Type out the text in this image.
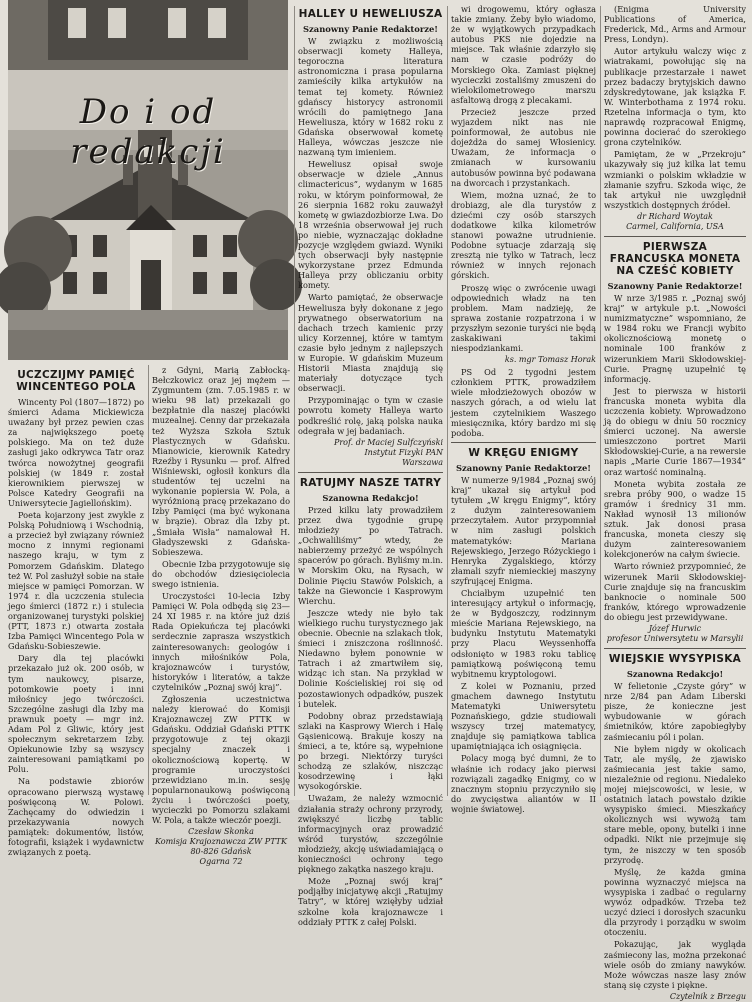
Do i od redakcji
UCZCZIJMY PAMIĘĆ WINCENTEGO POLA

Wincenty Pol (1807—1872) po śmierci Adama Mickiewicza uważany był przez pewien czas za największego poetę polskiego. Ma on też duże zasługi jako odkrywca Tatr oraz twórca nowożytnej geografii polskiej (w 1849 r. został kierownikiem pierwszej w Polsce Katedry Geografii na Uniwersytecie Jagiellońskim).

Poeta kojarzony jest zwykle z Polską Południową i Wschodnią, a przecież był związany również mocno z innymi regionami naszego kraju, w tym z Pomorzem Gdańskim. Dlatego też W. Pol zasłużył sobie na stałe miejsce w pamięci Pomorzan. W 1974 r. dla uczczenia stulecia jego śmierci (1872 r.) i stulecia organizowanej turystyki polskiej (PTT, 1873 r.) otwarta została Izba Pamięci Wincentego Pola w Gdańsku-Sobieszewie.

Dary dla tej placówki przekazało już ok. 200 osób, w tym naukowcy, pisarze, potomkowie poety i inni miłośnicy jego twórczości. Szczególne zasługi dla Izby ma prawnuk poety — mgr inż. Adam Pol z Gliwic, który jest społecznym sekretarzem Izby. Opiekunowie Izby są wszyscy zainteresowani pamiątkami po Polu.

Na podstawie zbiorów opracowano pierwszą wystawę poświęconą W. Polowi. Zachęcamy do odwiedzin i przekazywania nowych pamiątek: dokumentów, listów, fotografii, książek i wydawnictw związanych z poetą.

z Gdyni, Marią Zabłocką-Bełczkowicz oraz jej mężem — Zygmuntem (zm. 7.05.1985 r. w wieku 98 lat) przekazali go bezpłatnie dla naszej placówki muzealnej. Cenny dar przekazała też Wyższa Szkoła Sztuk Plastycznych w Gdańsku. Mianowicie, kierownik Katedry Rzeźby i Rysunku — prof. Alfred Wiśniewski, ogłosił konkurs dla studentów tej uczelni na wykonanie popiersia W. Pola, a wyróżnioną pracę przekazano do Izby Pamięci (ma być wykonana w brązie). Obraz dla Izby pt. „Śmiała Wisła” namalował H. Gładyszewski z Gdańska-Sobieszewa.

Obecnie Izba przygotowuje się do obchodów dziesięciolecia swego istnienia.

Uroczystości 10-lecia Izby Pamięci W. Pola odbędą się 23—24 XI 1985 r. na które już dziś Rada Opiekuńcza tej placówki serdecznie zaprasza wszystkich zainteresowanych: geologów i innych miłośników Pola, krajoznawców i turystów, historyków i literatów, a także czytelników „Poznaj swój kraj”.

Zgłoszenia uczestnictwa należy kierować do Komisji Krajoznawczej ZW PTTK w Gdańsku. Oddział Gdański PTTK przygotowuje z tej okazji specjalny znaczek i okolicznościową kopertę. W programie uroczystości przewidziano m.in. sesję popularnonaukową poświęconą życiu i twórczości poety, wycieczki po Pomorzu szlakami W. Pola, a także wieczór poezji.

Czesław Skonka
Komisja Krajoznawcza ZW PTTK
80-826 Gdańsk
Ogarna 72

HALLEY U HEWELIUSZA

Szanowny Panie Redaktorze!

W związku z możliwością obserwacji komety Halleya, tegoroczna literatura astronomiczna i prasa popularna zamieściły kilka artykułów na temat tej komety. Również gdańscy historycy astronomii wrócili do pamiętnego Jana Heweliusza, który w 1682 roku z Gdańska obserwował kometę Halleya, wówczas jeszcze nie nazwaną tym imieniem.

Heweliusz opisał swoje obserwacje w dziele „Annus climactericus”, wydanym w 1685 roku, w którym poinformował, że 26 sierpnia 1682 roku zauważył kometę w gwiazdozbiorze Lwa. Do 18 września obserwował jej ruch po niebie, wyznaczając dokładne pozycje względem gwiazd. Wyniki tych obserwacji były następnie wykorzystane przez Edmunda Halleya przy obliczaniu orbity komety.

Warto pamiętać, że obserwacje Heweliusza były dokonane z jego prywatnego obserwatorium na dachach trzech kamienic przy ulicy Korzennej, które w tamtym czasie było jednym z najlepszych w Europie. W gdańskim Muzeum Historii Miasta znajdują się materiały dotyczące tych obserwacji.

Przypominając o tym w czasie powrotu komety Halleya warto podkreślić rolę, jaką polska nauka odegrała w jej badaniach.

Prof. dr Maciej Sulfczyński
Instytut Fizyki PAN
Warszawa

RATUJMY NASZE TATRY

Szanowna Redakcjo!

Przed kilku laty prowadziłem przez dwa tygodnie grupę młodzieży po Tatrach. „Ochwaliliśmy” wtedy, że nabierzemy przeżyć ze wspólnych spacerów po górach. Byliśmy m.in. w Morskim Oku, na Rysach, w Dolinie Pięciu Stawów Polskich, a także na Giewoncie i Kasprowym Wierchu.

Jeszcze wtedy nie było tak wielkiego ruchu turystycznego jak obecnie. Obecnie na szlakach tłok, śmieci i zniszczona roślinność. Niedawno byłem ponownie w Tatrach i aż zmartwiłem się, widząc ich stan. Na przykład w Dolinie Kościeliskiej roi się od pozostawionych odpadków, puszek i butelek.

Podobny obraz przedstawiają szlaki na Kasprowy Wierch i Halę Gąsienicową. Brakuje koszy na śmieci, a te, które są, wypełnione po brzegi. Niektórzy turyści schodzą ze szlaków, niszcząc kosodrzewinę i łąki wysokogórskie.

Uważam, że należy wzmocnić działania straży ochrony przyrody, zwiększyć liczbę tablic informacyjnych oraz prowadzić wśród turystów, szczególnie młodzieży, akcję uświadamiającą o konieczności ochrony tego pięknego zakątka naszego kraju.

Może „Poznaj swój kraj” podjąłby inicjatywę akcji „Ratujmy Tatry”, w której wzięłyby udział szkolne koła krajoznawcze i oddziały PTTK z całej Polski.

wi drogowemu, który ogłasza takie zmiany. Żeby było wiadomo, że w wyjątkowych przypadkach autobus PKS nie dojedzie na miejsce. Tak właśnie zdarzyło się nam w czasie podróży do Morskiego Oka. Zamiast pięknej wycieczki zostaliśmy zmuszeni do wielokilometrowego marszu asfaltową drogą z plecakami.

Przecież jeszcze przed wyjazdem nikt nas nie poinformował, że autobus nie dojeżdża do samej Włosienicy. Uważam, że informacja o zmianach w kursowaniu autobusów powinna być podawana na dworcach i przystankach.

Wiem, można uznać, że to drobiazg, ale dla turystów z dziećmi czy osób starszych dodatkowe kilka kilometrów stanowi poważne utrudnienie. Podobne sytuacje zdarzają się zresztą nie tylko w Tatrach, lecz również w innych rejonach górskich.

Proszę więc o zwrócenie uwagi odpowiednich władz na ten problem. Mam nadzieję, że sprawa zostanie rozpatrzona i w przyszłym sezonie turyści nie będą zaskakiwani takimi niespodziankami.

ks. mgr Tomasz Horak

PS Od 2 tygodni jestem członkiem PTTK, prowadziłem wiele młodzieżowych obozów w naszych górach, a od wielu lat jestem czytelnikiem Waszego miesięcznika, który bardzo mi się podoba.

W KRĘGU ENIGMY

Szanowny Panie Redaktorze!

W numerze 9/1984 „Poznaj swój kraj” ukazał się artykuł pod tytułem „W kręgu Enigmy”, który z dużym zainteresowaniem przeczytałem. Autor przypomniał w nim zasługi polskich matematyków: Mariana Rejewskiego, Jerzego Różyckiego i Henryka Zygalskiego, którzy złamali szyfr niemieckiej maszyny szyfrującej Enigma.

Chciałbym uzupełnić ten interesujący artykuł o informację, że w Bydgoszczy, rodzinnym mieście Mariana Rejewskiego, na budynku Instytutu Matematyki przy Placu Weyssenhoffa odsłonięto w 1983 roku tablicę pamiątkową poświęconą temu wybitnemu kryptologowi.

Z kolei w Poznaniu, przed gmachem dawnego Instytutu Matematyki Uniwersytetu Poznańskiego, gdzie studiowali wszyscy trzej matematycy, znajduje się pamiątkowa tablica upamiętniająca ich osiągnięcia.

Polacy mogą być dumni, że to właśnie ich rodacy jako pierwsi rozwiązali zagadkę Enigmy, co w znacznym stopniu przyczyniło się do zwycięstwa aliantów w II wojnie światowej.

(Enigma University Publications of America, Frederick, Md., Arms and Armour Press, Londyn).

Autor artykułu walczy więc z wiatrakami, powołując się na publikacje przestarzałe i nawet przez badaczy brytyjskich dawno zdyskredytowane, jak książka F. W. Winterbothama z 1974 roku. Rzetelna informacja o tym, kto naprawdę rozpracował Enigmę, powinna docierać do szerokiego grona czytelników.

Pamiętam, że w „Przekroju” ukazywały się już kilka lat temu wzmianki o polskim wkładzie w złamanie szyfru. Szkoda więc, że tak artykuł nie uwzględnił wszystkich dostępnych źródeł.

dr Richard Woytak
Carmel, California, USA

PIERWSZA FRANCUSKA MONETA NA CZEŚĆ KOBIETY

Szanowny Panie Redaktorze!

W nrze 3/1985 r. „Poznaj swój kraj” w artykule p.t. „Nowości numizmatyczne” wspomniano, że w 1984 roku we Francji wybito okolicznościową monetę o nominale 100 franków z wizerunkiem Marii Skłodowskiej-Curie. Pragnę uzupełnić tę informację.

Jest to pierwsza w historii francuska moneta wybita dla uczczenia kobiety. Wprowadzono ją do obiegu w dniu 50 rocznicy śmierci uczonej. Na awersie umieszczono portret Marii Skłodowskiej-Curie, a na rewersie napis „Marie Curie 1867—1934” oraz wartość nominalną.

Moneta wybita została ze srebra próby 900, o wadze 15 gramów i średnicy 31 mm. Nakład wynosił 13 milionów sztuk. Jak donosi prasa francuska, moneta cieszy się dużym zainteresowaniem kolekcjonerów na całym świecie.

Warto również przypomnieć, że wizerunek Marii Skłodowskiej-Curie znajduje się na francuskim banknocie o nominale 500 franków, którego wprowadzenie do obiegu jest przewidywane.

Józef Hurwic
profesor Uniwersytetu w Marsylii

WIEJSKIE WYSYPISKA

Szanowna Redakcjo!

W felietonie „Czyste góry” w nrze 2/84 pan Adam Liberski pisze, że konieczne jest wybudowanie w górach śmietników, które zapobiegłyby zaśmiecaniu pól i polan.

Nie byłem nigdy w okolicach Tatr, ale myślę, że zjawisko zaśmiecania jest takie samo, niezależnie od regionu. Niedaleko mojej miejscowości, w lesie, w ostatnich latach powstało dzikie wysypisko śmieci. Mieszkańcy okolicznych wsi wywożą tam stare meble, opony, butelki i inne odpadki. Nikt nie przejmuje się tym, że niszczy w ten sposób przyrodę.

Myślę, że każda gmina powinna wyznaczyć miejsca na wysypiska i zadbać o regularny wywóz odpadków. Trzeba też uczyć dzieci i dorosłych szacunku dla przyrody i porządku w swoim otoczeniu.

Pokazując, jak wygląda zaśmiecony las, można przekonać wiele osób do zmiany nawyków. Może wówczas nasze lasy znów staną się czyste i piękne.

Czytelnik z Brzegu
